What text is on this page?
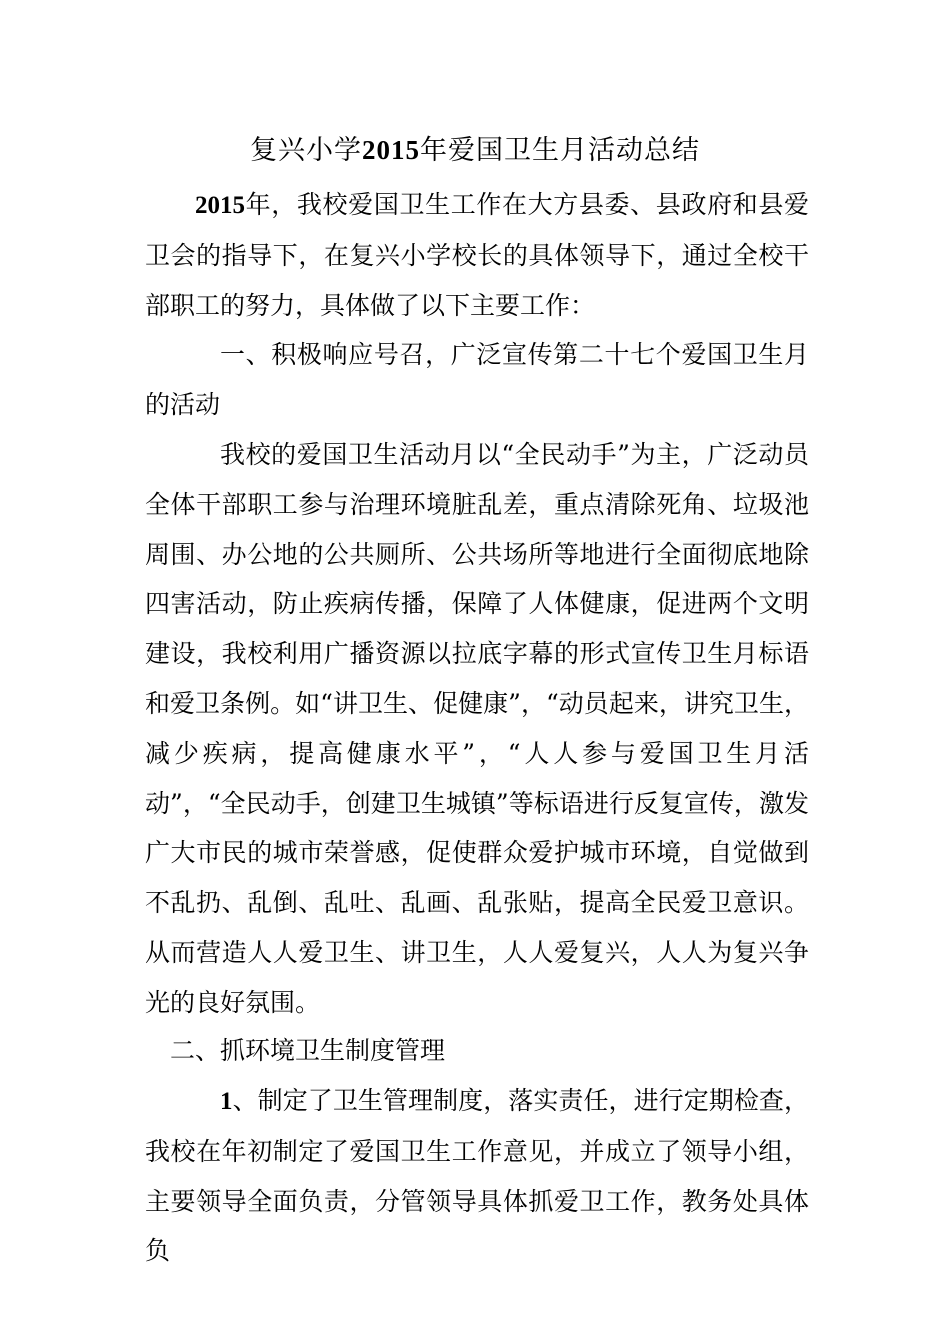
复兴小学2015年爱国卫生月活动总结

2015年，我校爱国卫生工作在大方县委、县政府和县爱卫会的指导下，在复兴小学校长的具体领导下，通过全校干部职工的努力，具体做了以下主要工作：

一、积极响应号召，广泛宣传第二十七个爱国卫生月的活动

我校的爱国卫生活动月以“全民动手”为主，广泛动员全体干部职工参与治理环境脏乱差，重点清除死角、垃圾池周围、办公地的公共厕所、公共场所等地进行全面彻底地除四害活动，防止疾病传播，保障了人体健康，促进两个文明建设，我校利用广播资源以拉底字幕的形式宣传卫生月标语和爱卫条例。如“讲卫生、促健康”，“动员起来，讲究卫生，减少疾病，提高健康水平”，“人人参与爱国卫生月活动”，“全民动手，创建卫生城镇”等标语进行反复宣传，激发广大市民的城市荣誉感，促使群众爱护城市环境，自觉做到不乱扔、乱倒、乱吐、乱画、乱张贴，提高全民爱卫意识。从而营造人人爱卫生、讲卫生，人人爱复兴，人人为复兴争光的良好氛围。

二、抓环境卫生制度管理

1、制定了卫生管理制度，落实责任，进行定期检查，我校在年初制定了爱国卫生工作意见，并成立了领导小组，主要领导全面负责，分管领导具体抓爱卫工作，教务处具体负
